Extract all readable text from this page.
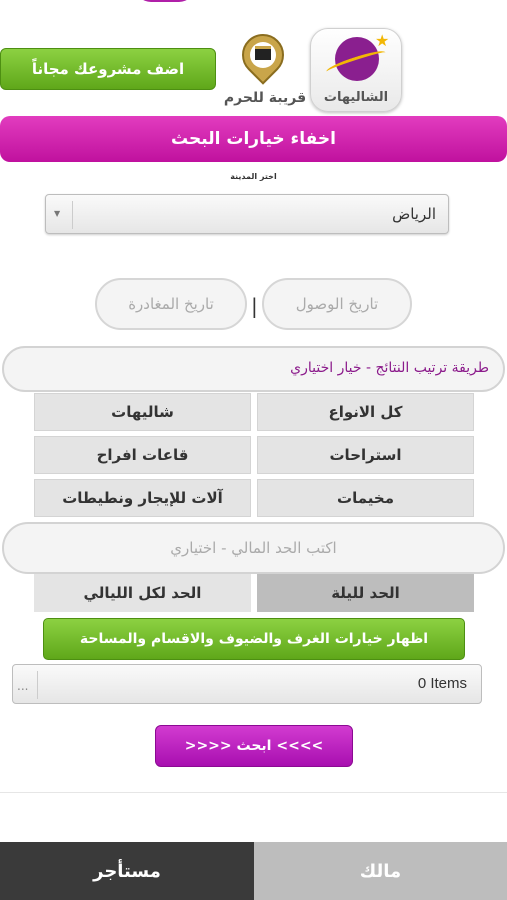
★
الشاليهات
قريبة للحرم
اضف مشروعك مجاناً
اخفاء خيارات البحث
اختر المدينة
الرياض
▼
تاريخ الوصول
|
تاريخ المغادرة
طريقة ترتيب النتائج - خيار اختياري
كل الانواع
شاليهات
استراحات
قاعات افراح
مخيمات
آلات للإيجار ونطيطات
اكتب الحد المالي - اختياري
الحد لليلة
الحد لكل الليالي
اظهار خيارات الغرف والضيوف والاقسام والمساحة
0 Items
...
>>>> ابحث <<<<
مستأجر	مالك
